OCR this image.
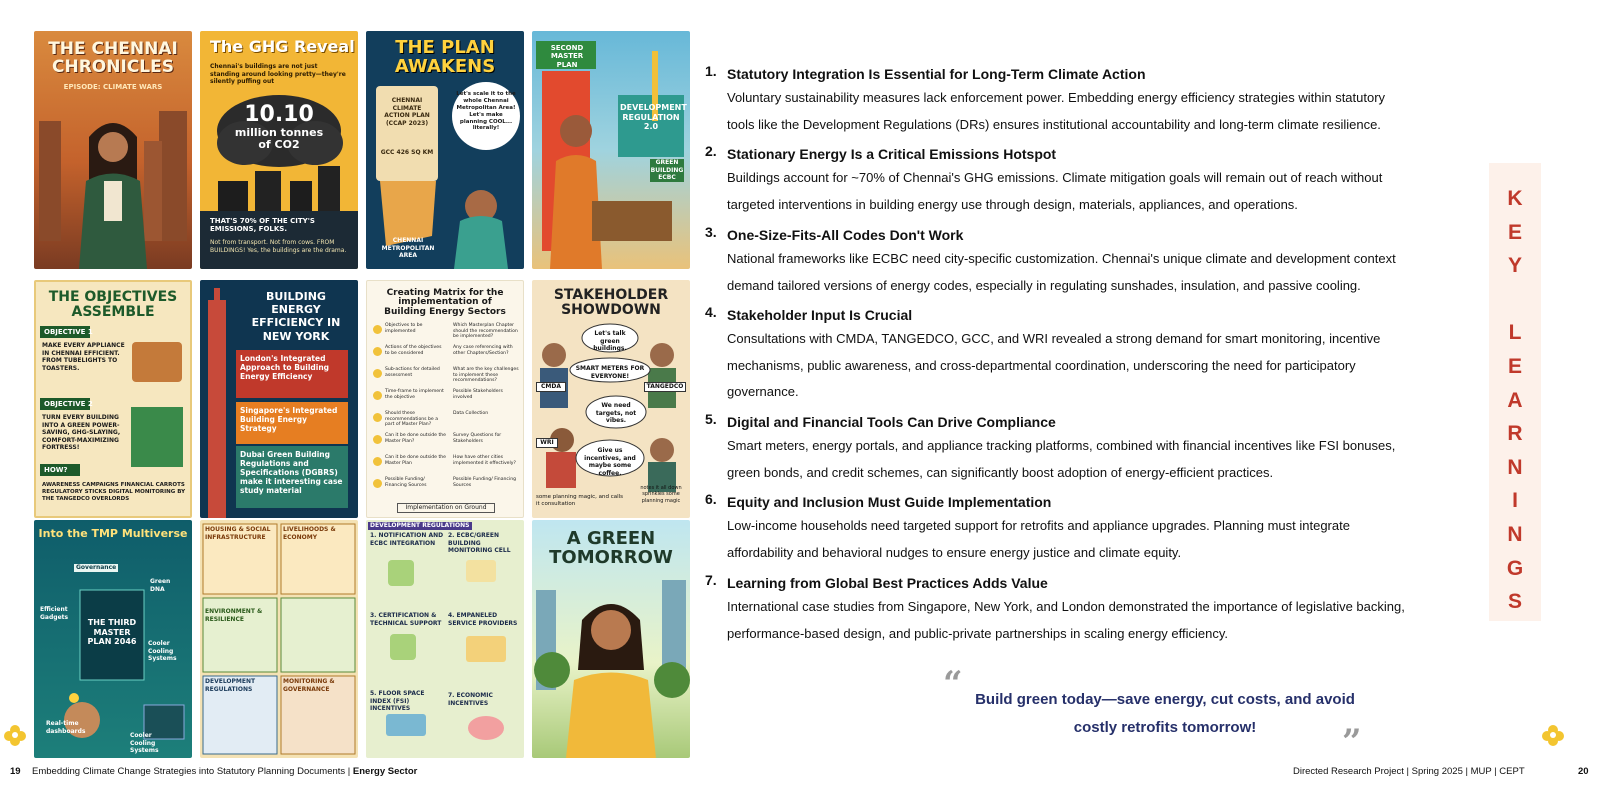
THE CHENNAI CHRONICLES
EPISODE: CLIMATE WARS
The GHG Reveal
Chennai's buildings are not just standing around looking pretty—they're silently puffing out
10.10
million tonnes of CO2
THAT'S 70% OF THE CITY'S EMISSIONS, FOLKS.
Not from transport. Not from cows. FROM BUILDINGS! Yes, the buildings are the drama.
THE PLAN AWAKENS
CHENNAI CLIMATE ACTION PLAN (CCAP 2023)
GCC 426 SQ KM
Let's scale it to the whole Chennai Metropolitan Area! Let's make planning COOL... literally!
CHENNAI METROPOLITAN AREA
SECOND MASTER PLAN
DEVELOPMENT REGULATION 2.0
GREEN BUILDING ECBC
THE OBJECTIVES ASSEMBLE
OBJECTIVE 1
MAKE EVERY APPLIANCE IN CHENNAI EFFICIENT. FROM TUBELIGHTS TO TOASTERS.
OBJECTIVE 2
TURN EVERY BUILDING INTO A GREEN POWER-SAVING, GHG-SLAYING, COMFORT-MAXIMIZING FORTRESS!
HOW?
AWARENESS CAMPAIGNS FINANCIAL CARROTS REGULATORY STICKS DIGITAL MONITORING BY THE TANGEDCO OVERLORDS
BUILDING ENERGY EFFICIENCY IN NEW YORK
London's Integrated Approach to Building Energy Efficiency
Singapore's Integrated Building Energy Strategy
Dubai Green Building Regulations and Specifications (DGBRS) make it interesting case study material
Creating Matrix for the implementation of Building Energy Sectors
Objectives to be implemented
Which Masterplan Chapter should the recommendation be implemented?
Actions of the objectives to be considered
Any case referencing with other Chapters/Section?
Sub-actions for detailed assessment
What are the key challenges to implement these recommendations?
Time-frame to implement the objective
Possible Stakeholders involved
Should these recommendations be a part of Master Plan?
Data Collection
Can it be done outside the Master Plan?
Survey Questions for Stakeholders
Can it be done outside the Master Plan
How have other cities implemented it effectively?
Possible Funding/ Financing Sources
Possible Funding/ Financing Sources
Implementation on Ground
STAKEHOLDER SHOWDOWN
Let's talk green buildings.
SMART METERS FOR EVERYONE!
CMDA	TANGEDCO
We need targets, not vibes.
WRI
Give us incentives, and maybe some coffee.
notes it all down sprinkles some planning magic
some planning magic, and calls it consultation
Into the TMP Multiverse
Governance
Green DNA
Efficient Gadgets
THE THIRD MASTER PLAN 2046	Cooler Cooling Systems
Real-time dashboards
Cooler Cooling Systems
HOUSING & SOCIAL INFRASTRUCTURE
LIVELIHOODS & ECONOMY
ENVIRONMENT & RESILIENCE
DEVELOPMENT REGULATIONS
MONITORING & GOVERNANCE
DEVELOPMENT REGULATIONS
1. NOTIFICATION AND ECBC INTEGRATION
2. ECBC/GREEN BUILDING MONITORING CELL
3. CERTIFICATION & TECHNICAL SUPPORT
4. EMPANELED SERVICE PROVIDERS
5. FLOOR SPACE INDEX (FSI) INCENTIVES
7. ECONOMIC INCENTIVES
A GREEN TOMORROW
1. Statutory Integration Is Essential for Long-Term Climate Action
Voluntary sustainability measures lack enforcement power. Embedding energy efficiency strategies within statutory
tools like the Development Regulations (DRs) ensures institutional accountability and long-term climate resilience.
2. Stationary Energy Is a Critical Emissions Hotspot
Buildings account for ~70% of Chennai's GHG emissions. Climate mitigation goals will remain out of reach without
targeted interventions in building energy use through design, materials, appliances, and operations.
3. One-Size-Fits-All Codes Don't Work
National frameworks like ECBC need city-specific customization. Chennai's unique climate and development context
demand tailored versions of energy codes, especially in regulating sunshades, insulation, and passive cooling.
4. Stakeholder Input Is Crucial
Consultations with CMDA, TANGEDCO, GCC, and WRI revealed a strong demand for smart monitoring, incentive
mechanisms, public awareness, and cross-departmental coordination, underscoring the need for participatory
governance.
5. Digital and Financial Tools Can Drive Compliance
Smart meters, energy portals, and appliance tracking platforms, combined with financial incentives like FSI bonuses,
green bonds, and credit schemes, can significantly boost adoption of energy-efficient practices.
6. Equity and Inclusion Must Guide Implementation
Low-income households need targeted support for retrofits and appliance upgrades. Planning must integrate
affordability and behavioral nudges to ensure energy justice and climate equity.
7. Learning from Global Best Practices Adds Value
International case studies from Singapore, New York, and London demonstrated the importance of legislative backing,
performance-based design, and public-private partnerships in scaling energy efficiency.
K
E
Y
L
E
A
R
N
I
N
G
S
“ Build green today—save energy, cut costs, and avoid
costly retrofits tomorrow!	”
19 Embedding Climate Change Strategies into Statutory Planning Documents | Energy Sector	Directed Research Project | Spring 2025 | MUP | CEPT	20
